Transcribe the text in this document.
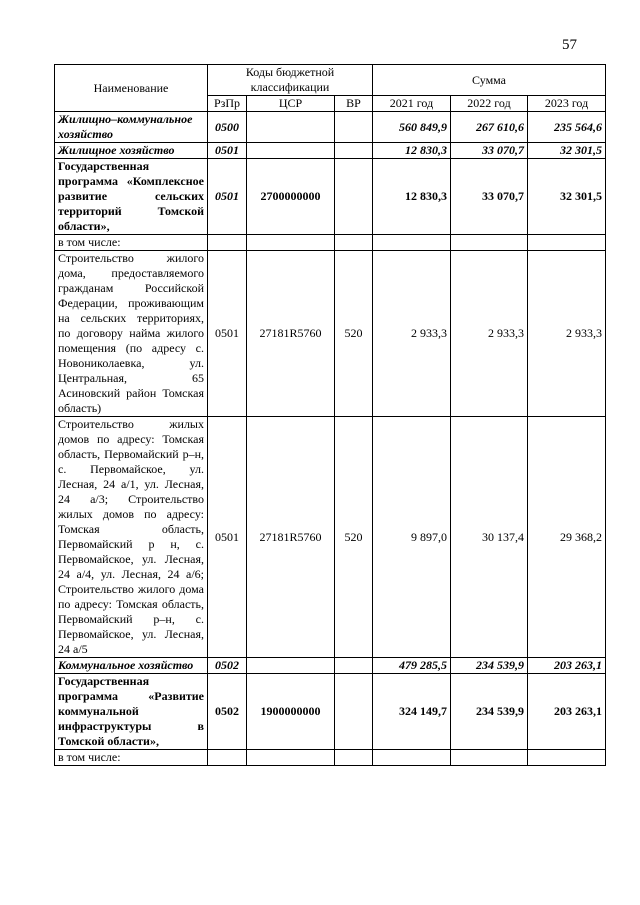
57
Наименование	Коды бюджетной классификации			Сумма		
	РзПр	ЦСР	ВР	2021 год	2022 год	2023 год
Жилищно–коммунальное хозяйство	0500			560 849,9	267 610,6	235 564,6
Жилищное хозяйство	0501			12 830,3	33 070,7	32 301,5
Государственная программа «Комплексное развитие сельских территорий Томской области»,	0501	2700000000		12 830,3	33 070,7	32 301,5
в том числе:						
Строительство жилого дома, предоставляемого гражданам Российской Федерации, проживающим на сельских территориях, по договору найма жилого помещения (по адресу с. Новониколаевка, ул. Центральная, 65 Асиновский район Томская область)	0501	27181R5760	520	2 933,3	2 933,3	2 933,3
Строительство жилых домов по адресу: Томская область, Первомайский р–н, с. Первомайское, ул. Лесная, 24 а/1, ул. Лесная, 24 а/3; Строительство жилых домов по адресу: Томская область, Первомайский р н, с. Первомайское, ул. Лесная, 24 а/4, ул. Лесная, 24 а/6; Строительство жилого дома по адресу: Томская область, Первомайский р–н, с. Первомайское, ул. Лесная, 24 а/5	0501	27181R5760	520	9 897,0	30 137,4	29 368,2
Коммунальное хозяйство	0502			479 285,5	234 539,9	203 263,1
Государственная программа «Развитие коммунальной инфраструктуры в Томской области»,	0502	1900000000		324 149,7	234 539,9	203 263,1
в том числе:						
